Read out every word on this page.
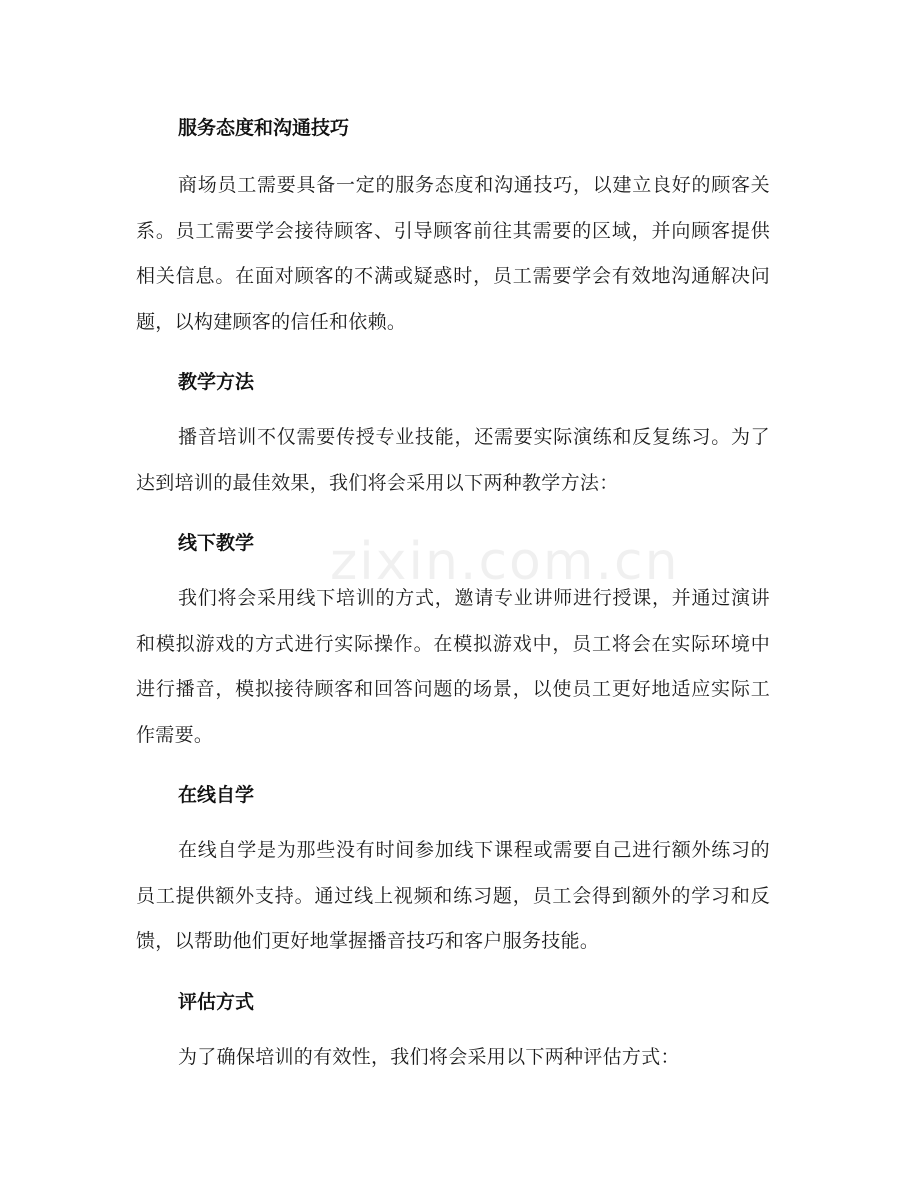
zixin.com.cn

服务态度和沟通技巧

商场员工需要具备一定的服务态度和沟通技巧，以建立良好的顾客关系。员工需要学会接待顾客、引导顾客前往其需要的区域，并向顾客提供相关信息。在面对顾客的不满或疑惑时，员工需要学会有效地沟通解决问题，以构建顾客的信任和依赖。

教学方法

播音培训不仅需要传授专业技能，还需要实际演练和反复练习。为了达到培训的最佳效果，我们将会采用以下两种教学方法：

线下教学

我们将会采用线下培训的方式，邀请专业讲师进行授课，并通过演讲和模拟游戏的方式进行实际操作。在模拟游戏中，员工将会在实际环境中进行播音，模拟接待顾客和回答问题的场景，以使员工更好地适应实际工作需要。

在线自学

在线自学是为那些没有时间参加线下课程或需要自己进行额外练习的员工提供额外支持。通过线上视频和练习题，员工会得到额外的学习和反馈，以帮助他们更好地掌握播音技巧和客户服务技能。

评估方式

为了确保培训的有效性，我们将会采用以下两种评估方式：
